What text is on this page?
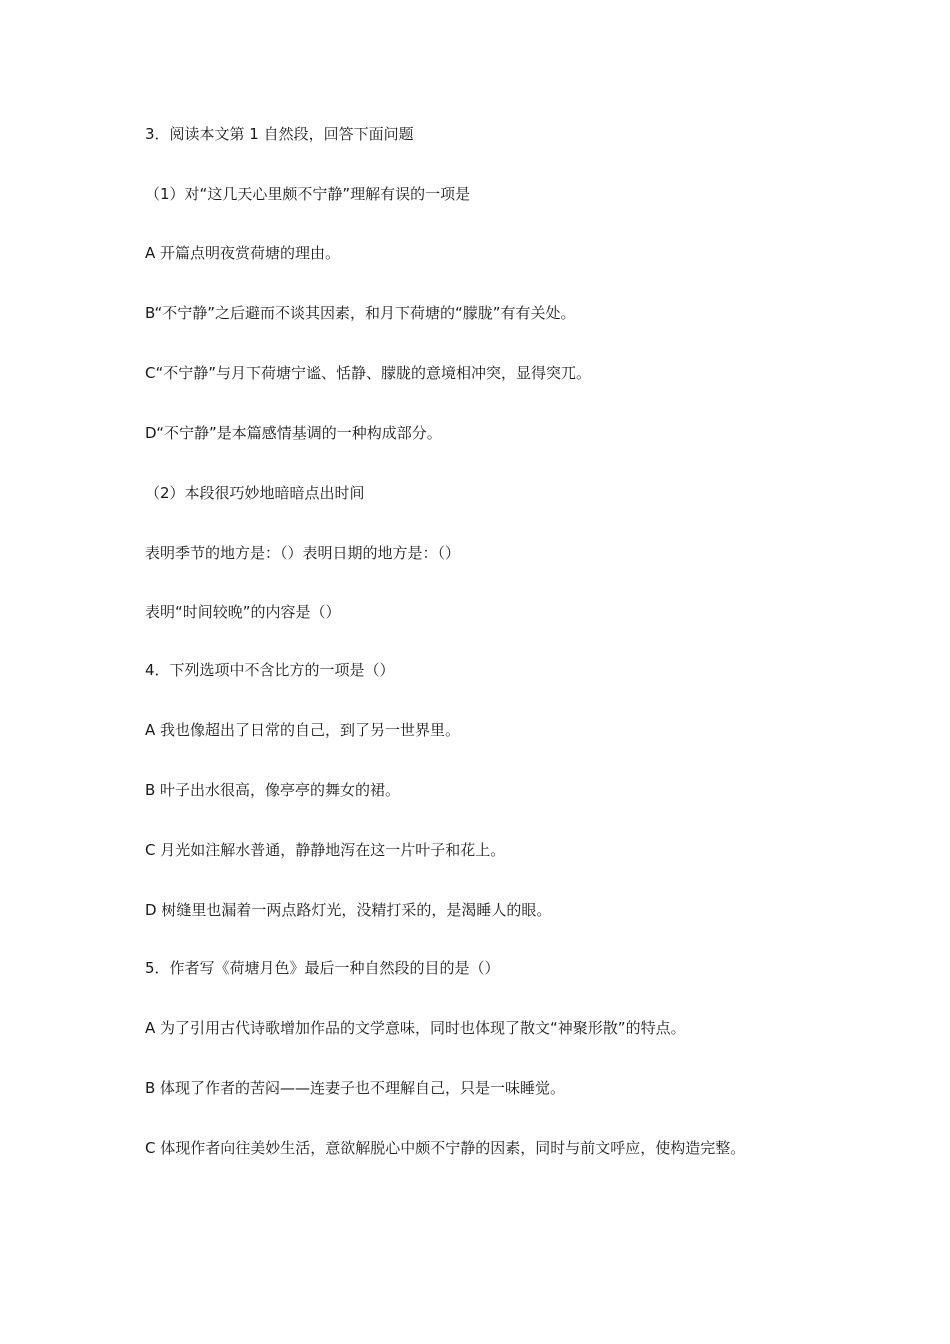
3．阅读本文第 1 自然段，回答下面问题
（1）对“这几天心里颇不宁静”理解有误的一项是
A 开篇点明夜赏荷塘的理由。
B“不宁静”之后避而不谈其因素，和月下荷塘的“朦胧”有有关处。
C“不宁静”与月下荷塘宁谧、恬静、朦胧的意境相冲突，显得突兀。
D“不宁静”是本篇感情基调的一种构成部分。
（2）本段很巧妙地暗暗点出时间
表明季节的地方是：（）表明日期的地方是：（）
表明“时间较晚”的内容是（）
4．下列选项中不含比方的一项是（）
A 我也像超出了日常的自己，到了另一世界里。
B 叶子出水很高，像亭亭的舞女的裙。
C 月光如注解水普通，静静地泻在这一片叶子和花上。
D 树缝里也漏着一两点路灯光，没精打采的，是渴睡人的眼。
5．作者写《荷塘月色》最后一种自然段的目的是（）
A 为了引用古代诗歌增加作品的文学意味，同时也体现了散文“神聚形散”的特点。
B 体现了作者的苦闷——连妻子也不理解自己，只是一味睡觉。
C 体现作者向往美妙生活，意欲解脱心中颇不宁静的因素，同时与前文呼应，使构造完整。
